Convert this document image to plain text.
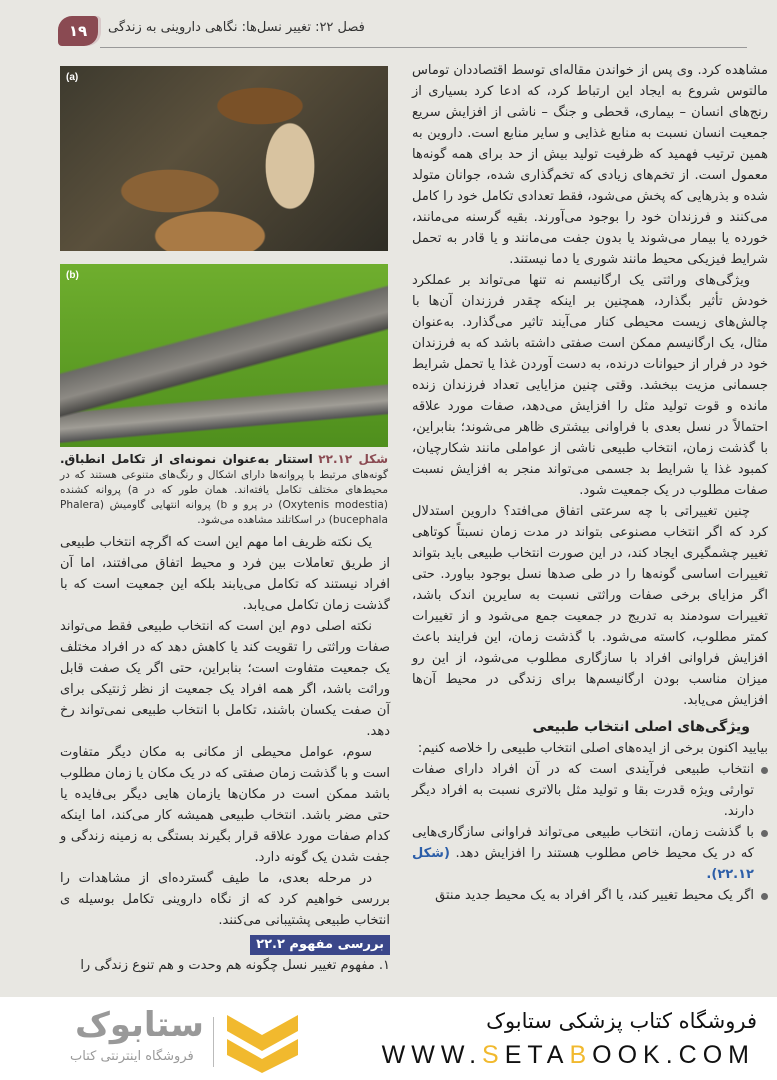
۱۹	فصل ۲۲: تغییر نسل‌ها: نگاهی داروینی به زندگی
(a)
(b)
شکل ۲۲.۱۲ استتار به‌عنوان نمونه‌ای از تکامل انطباق. گونه‌های مرتبط با پروانه‌ها دارای اشکال و رنگ‌های متنوعی هستند که در محیط‌های مختلف تکامل یافته‌اند. همان طور که در a) پروانه کشنده (Oxytenis modestia) در پرو و b) پروانه انتهایی گاومیش (Phalera bucephala) در اسکاتلند مشاهده می‌شود.

مشاهده کرد. وی پس از خواندن مقاله‌ای توسط اقتصاددان توماس مالتوس شروع به ایجاد این ارتباط کرد، که ادعا کرد بسیاری از رنج‌های انسان – بیماری، قحطی و جنگ – ناشی از افزایش سریع جمعیت انسان نسبت به منابع غذایی و سایر منابع است. داروین به همین ترتیب فهمید که ظرفیت تولید بیش از حد برای همه گونه‌ها معمول است. از تخم‌های زیادی که تخم‌گذاری شده، جوانان متولد شده و بذرهایی که پخش می‌شود، فقط تعدادی تکامل خود را کامل می‌کنند و فرزندان خود را بوجود می‌آورند. بقیه گرسنه می‌مانند، خورده یا بیمار می‌شوند یا بدون جفت می‌مانند و یا قادر به تحمل شرایط فیزیکی محیط مانند شوری یا دما نیستند.

ویژگی‌های وراثتی یک ارگانیسم نه تنها می‌تواند بر عملکرد خودش تأثیر بگذارد، همچنین بر اینکه چقدر فرزندان آن‌ها با چالش‌های زیست محیطی کنار می‌آیند تاثیر می‌گذارد. به‌عنوان مثال، یک ارگانیسم ممکن است صفتی داشته باشد که به فرزندان خود در فرار از حیوانات درنده، به دست آوردن غذا یا تحمل شرایط جسمانی مزیت ببخشد. وقتی چنین مزایایی تعداد فرزندان زنده مانده و قوت تولید مثل را افزایش می‌دهد، صفات مورد علاقه احتمالاً در نسل بعدی با فراوانی بیشتری ظاهر می‌شوند؛ بنابراین، با گذشت زمان، انتخاب طبیعی ناشی از عواملی مانند شکارچیان، کمبود غذا یا شرایط بد جسمی می‌تواند منجر به افزایش نسبت صفات مطلوب در یک جمعیت شود.

چنین تغییراتی با چه سرعتی اتفاق می‌افتد؟ داروین استدلال کرد که اگر انتخاب مصنوعی بتواند در مدت زمان نسبتاً کوتاهی تغییر چشمگیری ایجاد کند، در این صورت انتخاب طبیعی باید بتواند تغییرات اساسی گونه‌ها را در طی صدها نسل بوجود بیاورد. حتی اگر مزایای برخی صفات وراثتی نسبت به سایرین اندک باشد، تغییرات سودمند به تدریج در جمعیت جمع می‌شود و از تغییرات کمتر مطلوب، کاسته می‌شود. با گذشت زمان، این فرایند باعث افزایش فراوانی افراد با سازگاری مطلوب می‌شود، از این رو میزان مناسب بودن ارگانیسم‌ها برای زندگی در محیط آن‌ها افزایش می‌یابد.

ویژگی‌های اصلی انتخاب طبیعی

بیایید اکنون برخی از ایده‌های اصلی انتخاب طبیعی را خلاصه کنیم:

انتخاب طبیعی فرآیندی است که در آن افراد دارای صفات توارثی ویژه قدرت بقا و تولید مثل بالاتری نسبت به افراد دیگر دارند.
با گذشت زمان، انتخاب طبیعی می‌تواند فراوانی سازگاری‌هایی که در یک محیط خاص مطلوب هستند را افزایش دهد. (شکل ۲۲.۱۲).
اگر یک محیط تغییر کند، یا اگر افراد به یک محیط جدید منتق

یک نکته ظریف اما مهم این است که اگرچه انتخاب طبیعی از طریق تعاملات بین فرد و محیط اتفاق می‌افتند، اما آن افراد نیستند که تکامل می‌یابند بلکه این جمعیت است که با گذشت زمان تکامل می‌یابد.

نکته اصلی دوم این است که انتخاب طبیعی فقط می‌تواند صفات وراثتی را تقویت کند یا کاهش دهد که در افراد مختلف یک جمعیت متفاوت است؛ بنابراین، حتی اگر یک صفت قابل وراثت باشد، اگر همه افراد یک جمعیت از نظر ژنتیکی برای آن صفت یکسان باشند، تکامل با انتخاب طبیعی نمی‌تواند رخ دهد.

سوم، عوامل محیطی از مکانی به مکان دیگر متفاوت است و با گذشت زمان صفتی که در یک مکان یا زمان مطلوب باشد ممکن است در مکان‌ها یازمان هایی دیگر بی‌فایده یا حتی مضر باشد. انتخاب طبیعی همیشه کار می‌کند، اما اینکه کدام صفات مورد علاقه قرار بگیرند بستگی به زمینه زندگی و جفت شدن یک گونه دارد.

در مرحله بعدی، ما طیف گسترده‌ای از مشاهدات را بررسی خواهیم کرد که از نگاه داروینی تکامل بوسیله ی انتخاب طبیعی پشتیبانی می‌کنند.

بررسی مفهوم ۲۲.۲

۱. مفهوم تغییر نسل چگونه هم وحدت و هم تنوع زندگی را

ستابوک
فروشگاه اینترنتی کتاب
فروشگاه کتاب پزشکی ستابوک
WWW.SETABOOK.COM
